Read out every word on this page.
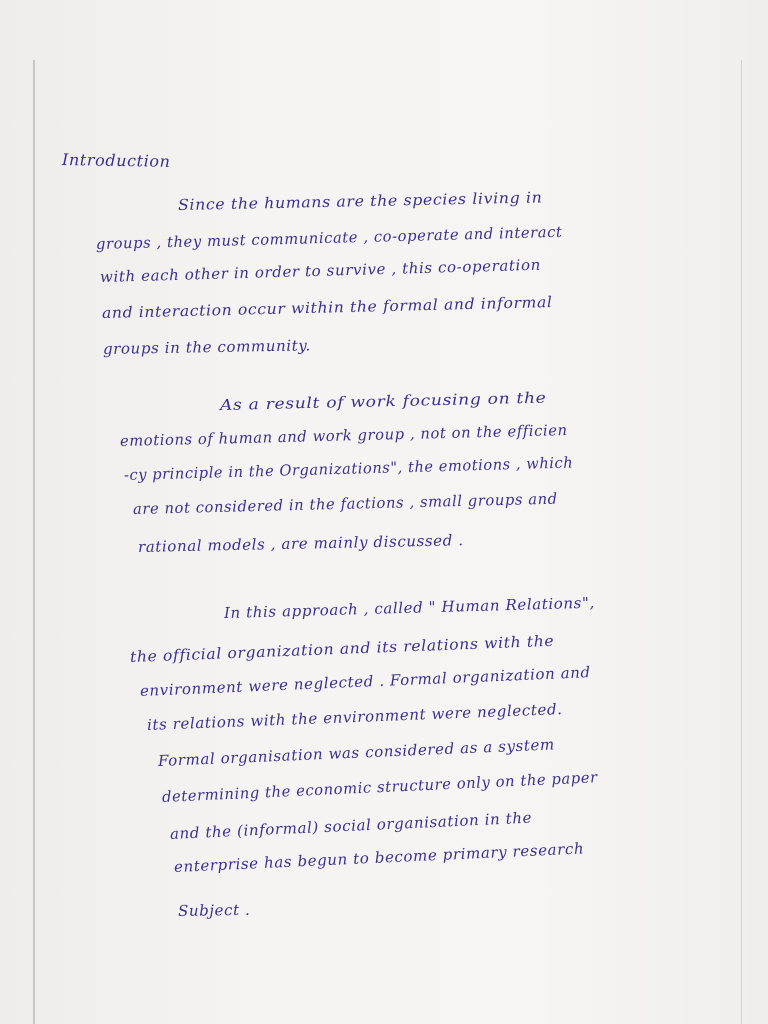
Introduction
Since the humans are the species living in
groups , they must communicate , co-operate and interact
with each other in order to survive , this co-operation
and interaction occur within the formal and informal
groups in the community.
As a result of work focusing on the
emotions of human and work group , not on the efficien
-cy principle in the Organizations", the emotions , which
are not considered in the factions , small groups and
rational models , are mainly discussed .
In this approach , called " Human Relations",
the official organization and its relations with the
environment were neglected . Formal organization and
its relations with the environment were neglected.
Formal organisation was considered as a system
determining the economic structure only on the paper
and the (informal) social organisation in the
enterprise has begun to become primary research
Subject .
